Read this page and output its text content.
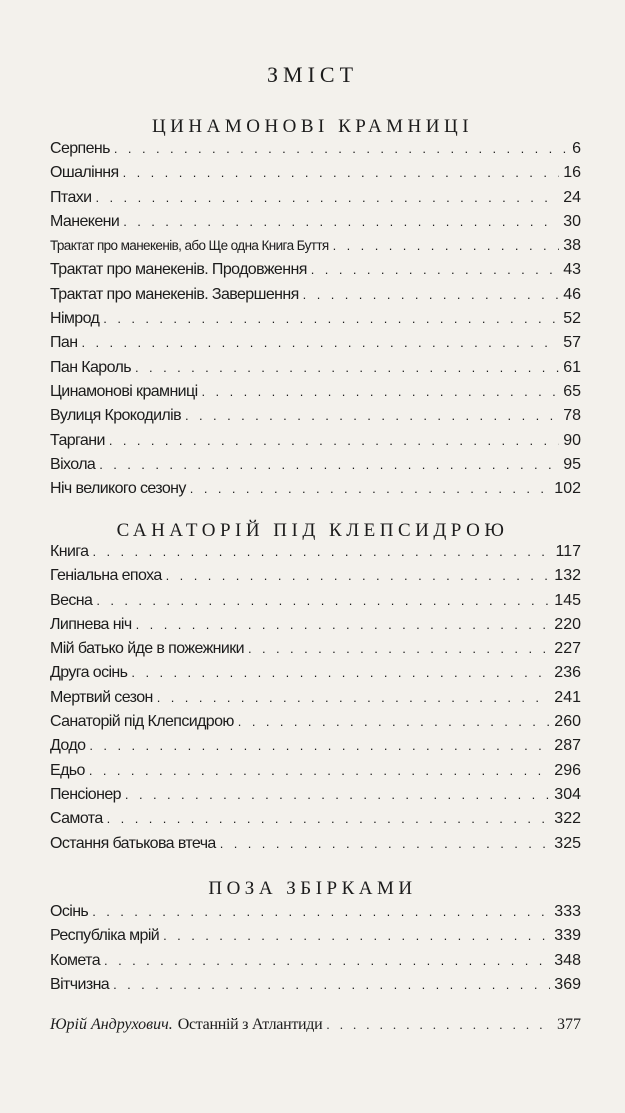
ЗМІСТ
ЦИНАМОНОВІ КРАМНИЦІ
Серпень . . .	6
Ошаління . . .	16
Птахи . . .	24
Манекени . . .	30
Трактат про манекенів, або Ще одна Книга Буття . . .	38
Трактат про манекенів. Продовження . . .	43
Трактат про манекенів. Завершення . . .	46
Німрод . . .	52
Пан . . .	57
Пан Кароль . . .	61
Цинамонові крамниці . . .	65
Вулиця Крокодилів . . .	78
Таргани . . .	90
Віхола . . .	95
Ніч великого сезону . . .	102
САНАТОРІЙ ПІД КЛЕПСИДРОЮ
Книга . . .	117
Геніальна епоха . . .	132
Весна . . .	145
Липнева ніч . . .	220
Мій батько йде в пожежники . . .	227
Друга осінь . . .	236
Мертвий сезон . . .	241
Санаторій під Клепсидрою . . .	260
Додо . . .	287
Едьо . . .	296
Пенсіонер . . .	304
Самота . . .	322
Остання батькова втеча . . .	325
ПОЗА ЗБІРКАМИ
Осінь . . .	333
Республіка мрій . . .	339
Комета . . .	348
Вітчизна . . .	369
Юрій Андрухович. Останній з Атлантиди . . .	377
